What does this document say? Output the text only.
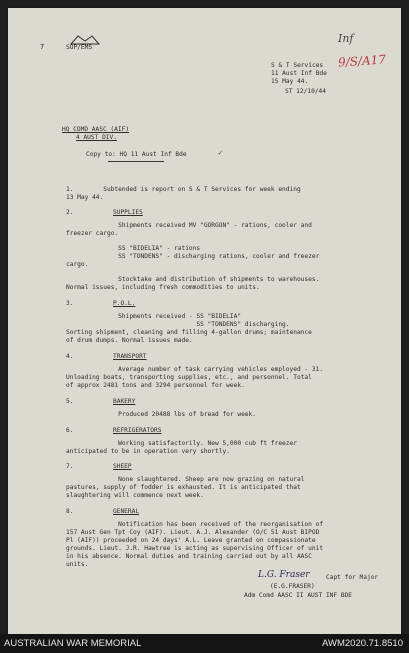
7	SOP/EMS
Inf
9/S/A17
S & T Services
11 Aust Inf Bde
15 May 44.
ST 12/10/44
HQ COMD AASC (AIF)
4 AUST DIV.
Copy to: HQ 11 Aust Inf Bde	✓
1.        Subtended is report on S & T Services for week ending
13 May 44.
2.	SUPPLIES
Shipments received MV "GORGON" - rations, cooler and
freezer cargo.
SS "BIDELIA" - rations
SS "TONDENS" - discharging rations, cooler and freezer
cargo.
Stocktake and distribution of shipments to warehouses.
Normal issues, including fresh commodities to units.
3.	P.O.L.
Shipments received - SS "BIDELIA"
SS "TONDENS" discharging.
Sorting shipment, cleaning and filling 4-gallon drums; maintenance
of drum dumps. Normal issues made.
4.	TRANSPORT
Average number of task carrying vehicles employed - 31.
Unloading boats, transporting supplies, etc., and personnel. Total
of approx 2481 tons and 3294 personnel for week.
5.	BAKERY
Produced 20488 lbs of bread for week.
6.	REFRIGERATORS
Working satisfactorily. New 5,000 cub ft freezer
anticipated to be in operation very shortly.
7.	SHEEP
None slaughtered. Sheep are now grazing on natural
pastures, supply of fodder is exhausted. It is anticipated that
slaughtering will commence next week.
8.	GENERAL
Notification has been received of the reorganisation of
157 Aust Gen Tpt Coy (AIF). Lieut. A.J. Alexander (O/C 51 Aust BIPOD
Pl (AIF)) proceeded on 24 days' A.L. Leave granted on compassionate
grounds. Lieut. J.R. Hawtree is acting as supervising Officer of unit
in his absence. Normal duties and training carried out by all AASC
units.
L.G. Fraser	Capt for Major
(E.G.FRASER)
Adm Comd AASC II AUST INF BDE
AUSTRALIAN WAR MEMORIAL	AWM2020.71.8510
